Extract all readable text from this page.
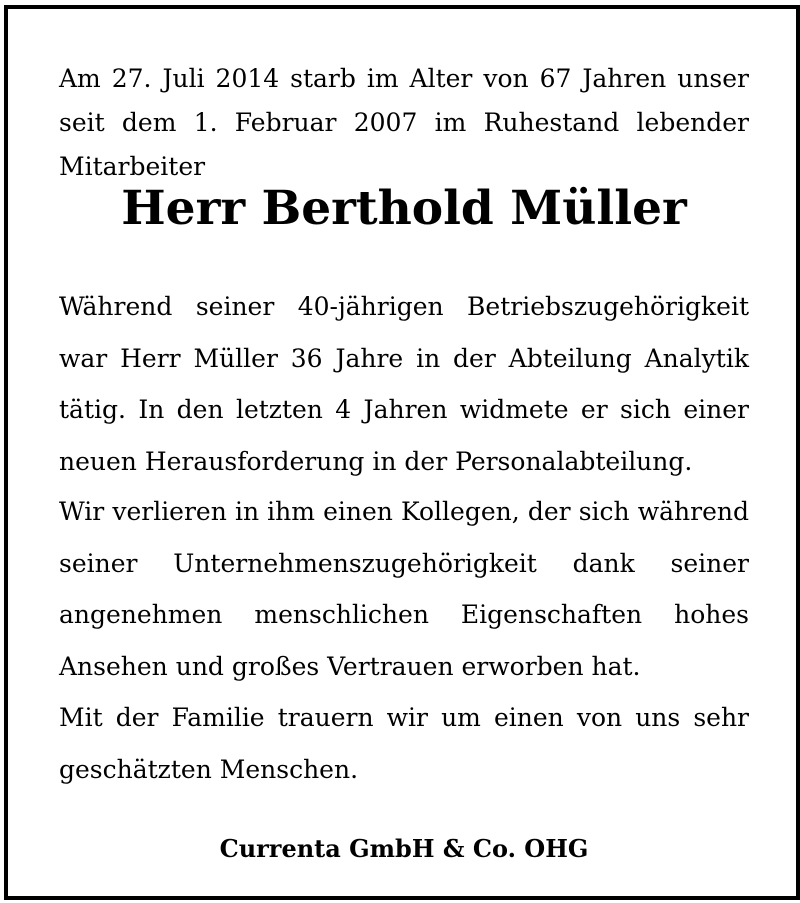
Am 27. Juli 2014 starb im Alter von 67 Jahren unser seit dem 1. Februar 2007 im Ruhestand lebender Mitarbeiter

Herr Berthold Müller

Während seiner 40-jährigen Betriebszugehörigkeit war Herr Müller 36 Jahre in der Abteilung Analytik tätig. In den letzten 4 Jahren widmete er sich einer neuen Herausforderung in der Personalabteilung.

Wir verlieren in ihm einen Kollegen, der sich während seiner Unternehmenszugehörigkeit dank seiner angenehmen menschlichen Eigenschaften hohes Ansehen und großes Vertrauen erworben hat.

Mit der Familie trauern wir um einen von uns sehr geschätzten Menschen.

Currenta GmbH & Co. OHG
